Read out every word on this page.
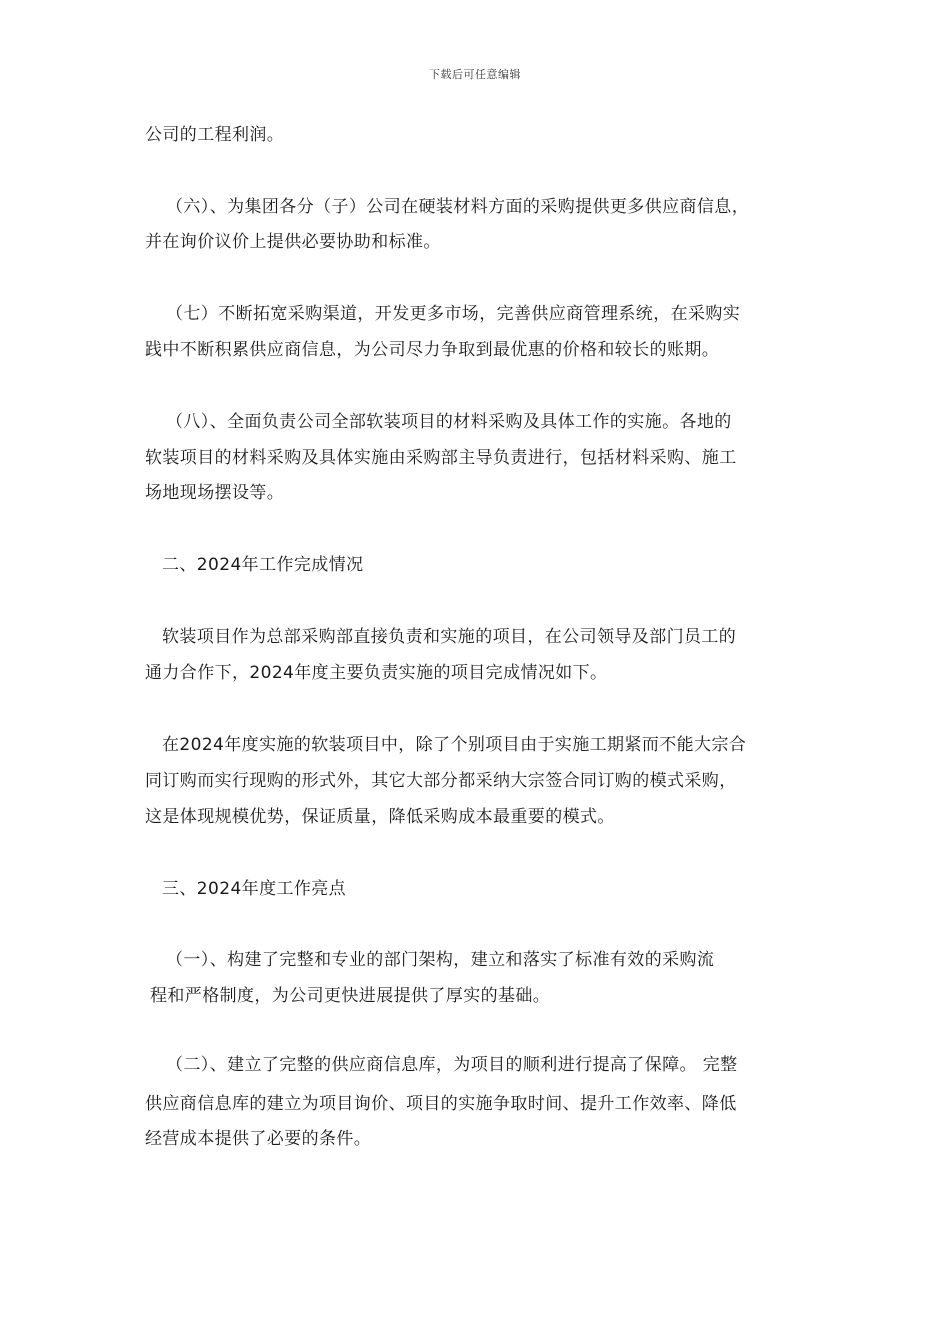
下载后可任意编辑
公司的工程利润。
（六）、为集团各分（子）公司在硬装材料方面的采购提供更多供应商信息，
并在询价议价上提供必要协助和标准。
（七）不断拓宽采购渠道，开发更多市场，完善供应商管理系统，在采购实
践中不断积累供应商信息，为公司尽力争取到最优惠的价格和较长的账期。
（八）、全面负责公司全部软装项目的材料采购及具体工作的实施。各地的
软装项目的材料采购及具体实施由采购部主导负责进行，包括材料采购、施工
场地现场摆设等。
二、2024年工作完成情况
软装项目作为总部采购部直接负责和实施的项目，在公司领导及部门员工的
通力合作下，2024年度主要负责实施的项目完成情况如下。
在2024年度实施的软装项目中，除了个别项目由于实施工期紧而不能大宗合
同订购而实行现购的形式外，其它大部分都采纳大宗签合同订购的模式采购，
这是体现规模优势，保证质量，降低采购成本最重要的模式。
三、2024年度工作亮点
（一）、构建了完整和专业的部门架构，建立和落实了标准有效的采购流
程和严格制度，为公司更快进展提供了厚实的基础。
（二）、建立了完整的供应商信息库，为项目的顺利进行提高了保障。 完整
供应商信息库的建立为项目询价、项目的实施争取时间、提升工作效率、降低
经营成本提供了必要的条件。
